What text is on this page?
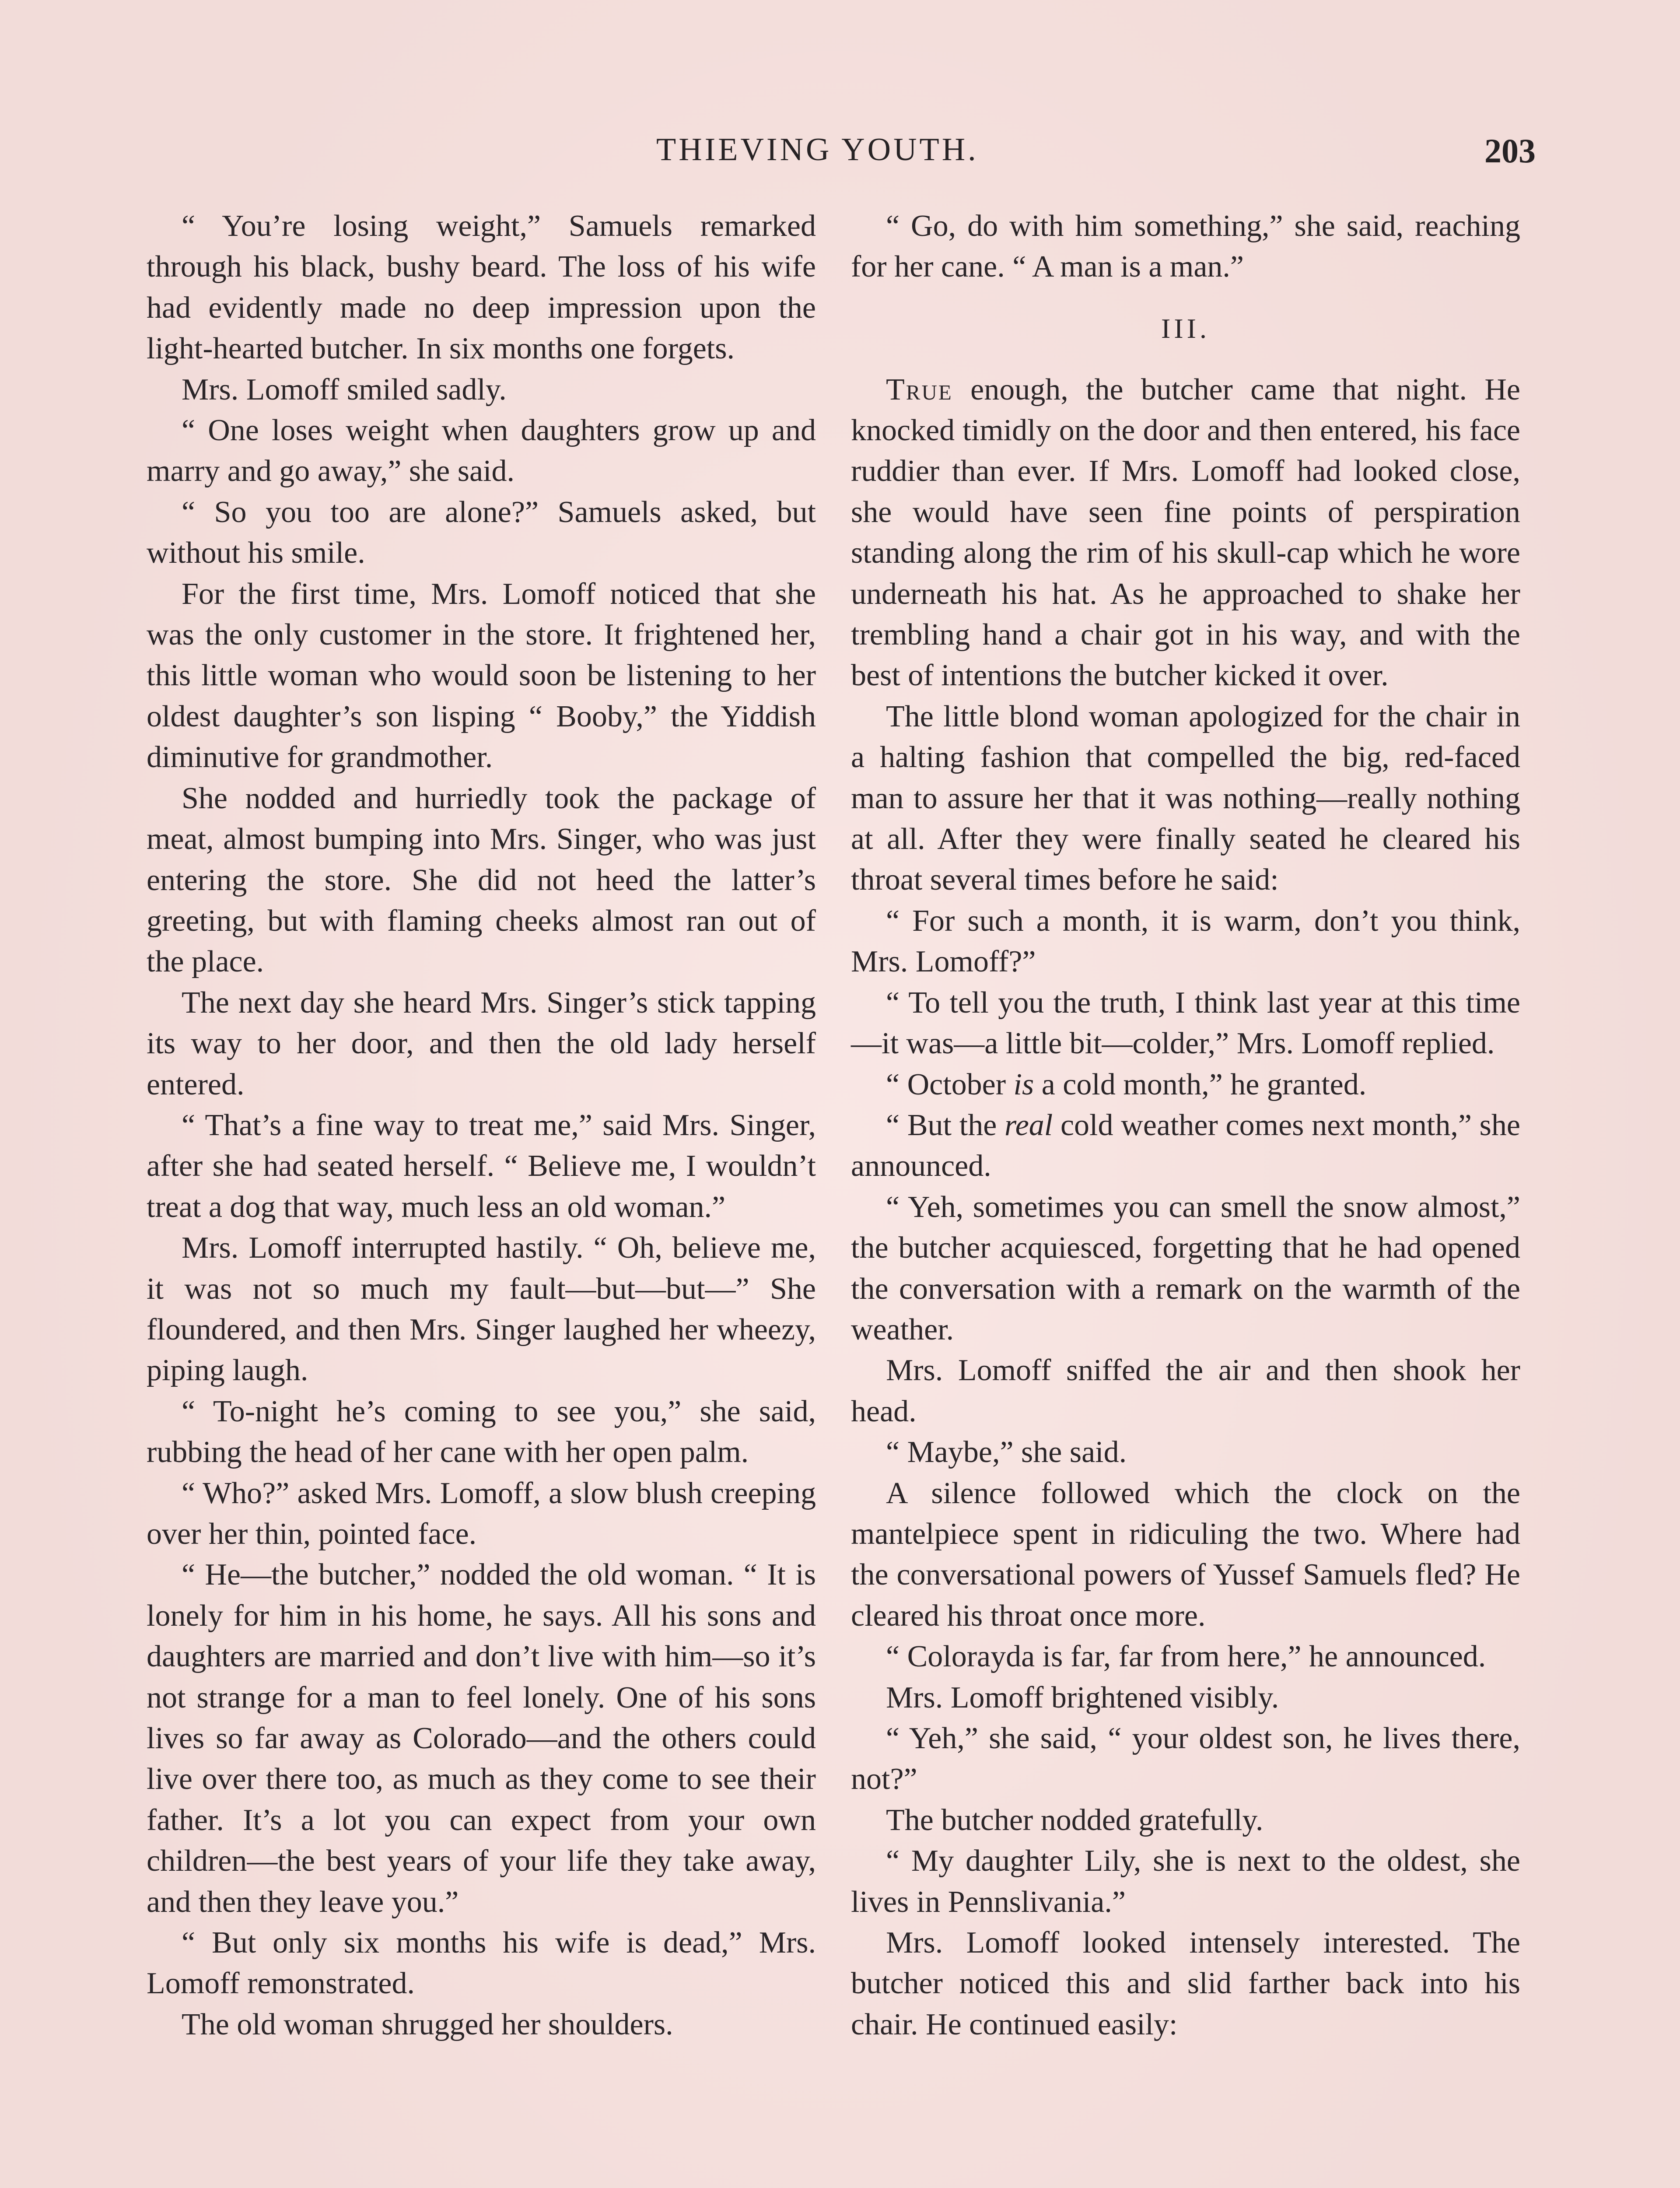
THIEVING YOUTH.	203

“ You’re losing weight,” Samuels remarked through his black, bushy beard. The loss of his wife had evidently made no deep impression upon the light-hearted butcher. In six months one forgets.

Mrs. Lomoff smiled sadly.

“ One loses weight when daughters grow up and marry and go away,” she said.

“ So you too are alone?” Samuels asked, but without his smile.

For the first time, Mrs. Lomoff noticed that she was the only customer in the store. It frightened her, this little woman who would soon be listening to her oldest daughter’s son lisping “ Booby,” the Yiddish diminutive for grandmother.

She nodded and hurriedly took the package of meat, almost bumping into Mrs. Singer, who was just entering the store. She did not heed the latter’s greeting, but with flaming cheeks almost ran out of the place.

The next day she heard Mrs. Singer’s stick tapping its way to her door, and then the old lady herself entered.

“ That’s a fine way to treat me,” said Mrs. Singer, after she had seated herself. “ Believe me, I wouldn’t treat a dog that way, much less an old woman.”

Mrs. Lomoff interrupted hastily. “ Oh, believe me, it was not so much my fault—but—but—” She floundered, and then Mrs. Singer laughed her wheezy, piping laugh.

“ To-night he’s coming to see you,” she said, rubbing the head of her cane with her open palm.

“ Who?” asked Mrs. Lomoff, a slow blush creeping over her thin, pointed face.

“ He—the butcher,” nodded the old woman. “ It is lonely for him in his home, he says. All his sons and daughters are married and don’t live with him—so it’s not strange for a man to feel lonely. One of his sons lives so far away as Colorado—and the others could live over there too, as much as they come to see their father. It’s a lot you can expect from your own children—the best years of your life they take away, and then they leave you.”

“ But only six months his wife is dead,” Mrs. Lomoff remonstrated.

The old woman shrugged her shoulders.

“ Go, do with him something,” she said, reaching for her cane. “ A man is a man.”

III.

True enough, the butcher came that night. He knocked timidly on the door and then entered, his face ruddier than ever. If Mrs. Lomoff had looked close, she would have seen fine points of perspiration standing along the rim of his skull-cap which he wore underneath his hat. As he approached to shake her trembling hand a chair got in his way, and with the best of intentions the butcher kicked it over.

The little blond woman apologized for the chair in a halting fashion that compelled the big, red-faced man to assure her that it was nothing—really nothing at all. After they were finally seated he cleared his throat several times before he said:

“ For such a month, it is warm, don’t you think, Mrs. Lomoff?”

“ To tell you the truth, I think last year at this time—it was—a little bit—colder,” Mrs. Lomoff replied.

“ October is a cold month,” he granted.

“ But the real cold weather comes next month,” she announced.

“ Yeh, sometimes you can smell the snow almost,” the butcher acquiesced, forgetting that he had opened the conversation with a remark on the warmth of the weather.

Mrs. Lomoff sniffed the air and then shook her head.

“ Maybe,” she said.

A silence followed which the clock on the mantelpiece spent in ridiculing the two. Where had the conversational powers of Yussef Samuels fled? He cleared his throat once more.

“ Colorayda is far, far from here,” he announced.

Mrs. Lomoff brightened visibly.

“ Yeh,” she said, “ your oldest son, he lives there, not?”

The butcher nodded gratefully.

“ My daughter Lily, she is next to the oldest, she lives in Pennslivania.”

Mrs. Lomoff looked intensely interested. The butcher noticed this and slid farther back into his chair. He continued easily:
